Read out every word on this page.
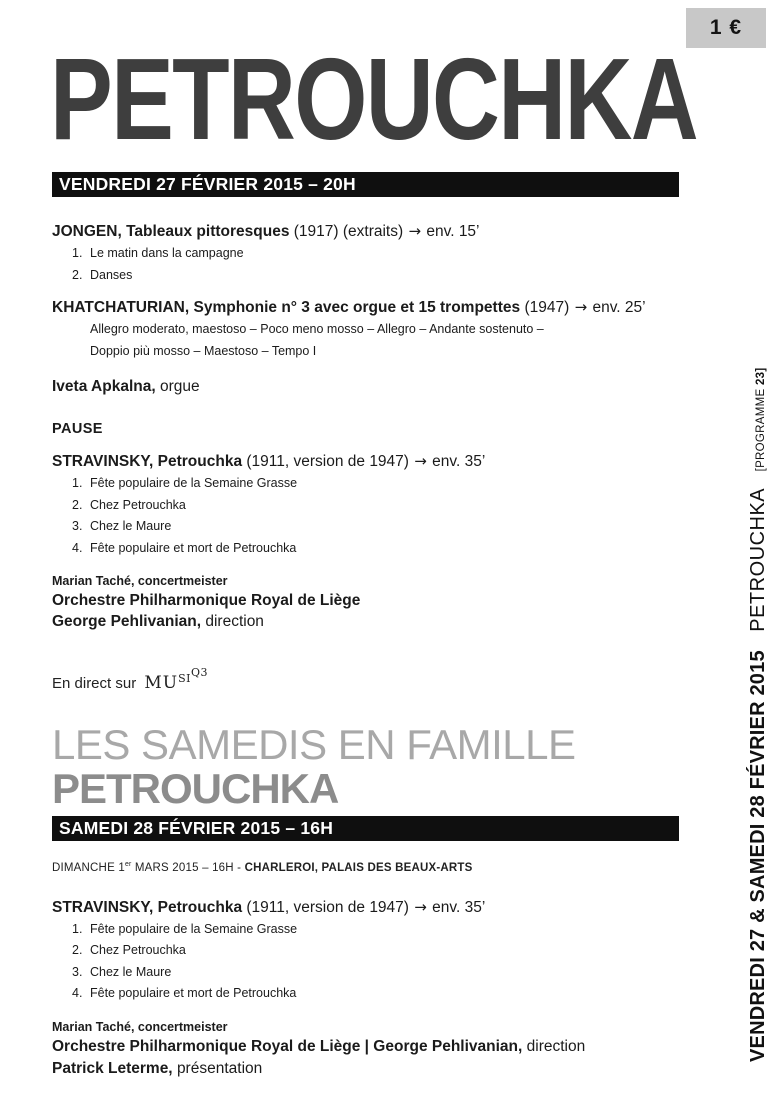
1 €
PETROUCHKA
VENDREDI 27 FÉVRIER 2015 – 20H

JONGEN, Tableaux pittoresques (1917) (extraits) → env. 15’

1. Le matin dans la campagne
2. Danses

KHATCHATURIAN, Symphonie n° 3 avec orgue et 15 trompettes (1947) → env. 25’

Allegro moderato, maestoso – Poco meno mosso – Allegro – Andante sostenuto –

Doppio più mosso – Maestoso – Tempo I

Iveta Apkalna, orgue

PAUSE

STRAVINSKY, Petrouchka (1911, version de 1947) → env. 35’

1. Fête populaire de la Semaine Grasse
2. Chez Petrouchka
3. Chez le Maure
4. Fête populaire et mort de Petrouchka

Marian Taché, concertmeister

Orchestre Philharmonique Royal de Liège

George Pehlivanian, direction

En direct sur $MU^{SIQ3}$

LES SAMEDIS EN FAMILLE
PETROUCHKA
SAMEDI 28 FÉVRIER 2015 – 16H

DIMANCHE 1er MARS 2015 – 16H - CHARLEROI, PALAIS DES BEAUX-ARTS

STRAVINSKY, Petrouchka (1911, version de 1947) → env. 35’

1. Fête populaire de la Semaine Grasse
2. Chez Petrouchka
3. Chez le Maure
4. Fête populaire et mort de Petrouchka

Marian Taché, concertmeister

Orchestre Philharmonique Royal de Liège | George Pehlivanian, direction

Patrick Leterme, présentation

VENDREDI 27 & SAMEDI 28 FÉVRIER 2015 PETROUCHKA [PROGRAMME 23]
